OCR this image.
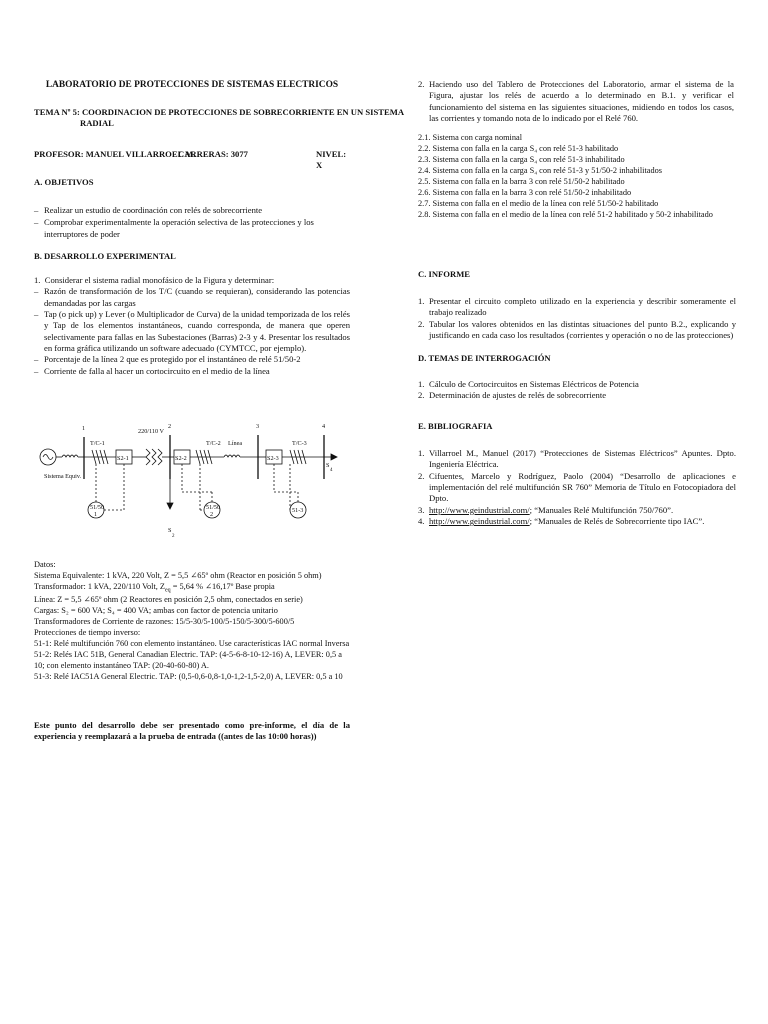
LABORATORIO DE PROTECCIONES DE SISTEMAS ELECTRICOS
TEMA Nº 5: COORDINACION DE PROTECCIONES DE SOBRECORRIENTE EN UN SISTEMA
RADIAL
PROFESOR: MANUEL VILLARROEL M.
CARRERAS: 3077	NIVEL: X
A. OBJETIVOS
– Realizar un estudio de coordinación con relés de sobrecorriente
– Comprobar experimentalmente la operación selectiva de las protecciones y los interruptores de poder
B. DESARROLLO EXPERIMENTAL
1.  Considerar el sistema radial monofásico de la Figura y determinar:
– Razón de transformación de los T/C (cuando se requieran), considerando las potencias demandadas por las cargas
– Tap (o pick up) y Lever (o Multiplicador de Curva) de la unidad temporizada de los relés y Tap de los elementos instantáneos, cuando corresponda, de manera que operen selectivamente para fallas en las Subestaciones (Barras) 2-3 y 4. Presentar los resultados en forma gráfica utilizando un software adecuado (CYMTCC, por ejemplo).
– Porcentaje de la línea 2 que es protegido por el instantáneo de relé 51/50-2
– Corriente de falla al hacer un cortocircuito en el medio de la línea
1	2	3	4
T/C-1	T/C-2	T/C-3
220/110 V
Línea
S2-1	S2-2	S2-3
51/50
1
51/50
2
51-3
Sistema Equiv.
S
2
S
4
Datos:
Sistema Equivalente: 1 kVA, 220 Volt, Z = 5,5 ∠65º ohm (Reactor en posición 5 ohm)
Transformador: 1 kVA, 220/110 Volt, $Z_{eq} = 5,64$ % ∠16,17º Base propia
Línea: Z = 5,5 ∠65º ohm (2 Reactores en posición 2,5 ohm, conectados en serie)
Cargas: S₂ = 600 VA; S₄ = 400 VA; ambas con factor de potencia unitario
Transformadores de Corriente de razones: 15/5-30/5-100/5-150/5-300/5-600/5
Protecciones de tiempo inverso:
51-1: Relé multifunción 760 con elemento instantáneo. Use características IAC normal Inversa
51-2: Relés IAC 51B, General Canadian Electric. TAP: (4-5-6-8-10-12-16) A, LEVER: 0,5 a 10; con elemento instantáneo TAP: (20-40-60-80) A.
51-3: Relé IAC51A General Electric. TAP: (0,5-0,6-0,8-1,0-1,2-1,5-2,0) A, LEVER: 0,5 a 10
Este punto del desarrollo debe ser presentado como pre-informe, el día de la experiencia y reemplazará a la prueba de entrada ((antes de las 10:00 horas))
2. Haciendo uso del Tablero de Protecciones del Laboratorio, armar el sistema de la Figura, ajustar los relés de acuerdo a lo determinado en B.1. y verificar el funcionamiento del sistema en las siguientes situaciones, midiendo en todos los casos, las corrientes y tomando nota de lo indicado por el Relé 760.
2.1. Sistema con carga nominal
2.2. Sistema con falla en la carga S₄ con relé 51-3 habilitado
2.3. Sistema con falla en la carga S₄ con relé 51-3 inhabilitado
2.4. Sistema con falla en la carga S₄ con relé 51-3 y 51/50-2 inhabilitados
2.5. Sistema con falla en la barra 3 con relé 51/50-2 habilitado
2.6. Sistema con falla en la barra 3 con relé 51/50-2 inhabilitado
2.7. Sistema con falla en el medio de la línea con relé 51/50-2 habilitado
2.8. Sistema con falla en el medio de la línea con relé 51-2 habilitado y 50-2 inhabilitado
C. INFORME
1. Presentar el circuito completo utilizado en la experiencia y describir someramente el trabajo realizado
2. Tabular los valores obtenidos en las distintas situaciones del punto B.2., explicando y justificando en cada caso los resultados (corrientes y operación o no de las protecciones)
D. TEMAS DE INTERROGACIÓN
1. Cálculo de Cortocircuitos en Sistemas Eléctricos de Potencia
2. Determinación de ajustes de relés de sobrecorriente
E. BIBLIOGRAFIA
1. Villarroel M., Manuel (2017) “Protecciones de Sistemas Eléctricos” Apuntes. Dpto. Ingeniería Eléctrica.
2. Cifuentes, Marcelo y Rodríguez, Paolo (2004) “Desarrollo de aplicaciones e implementación del relé multifunción SR 760” Memoria de Título en Fotocopiadora del Dpto.
3. http://www.geindustrial.com/; “Manuales Relé Multifunción 750/760”.
4. http://www.geindustrial.com/; “Manuales de Relés de Sobrecorriente tipo IAC”.
